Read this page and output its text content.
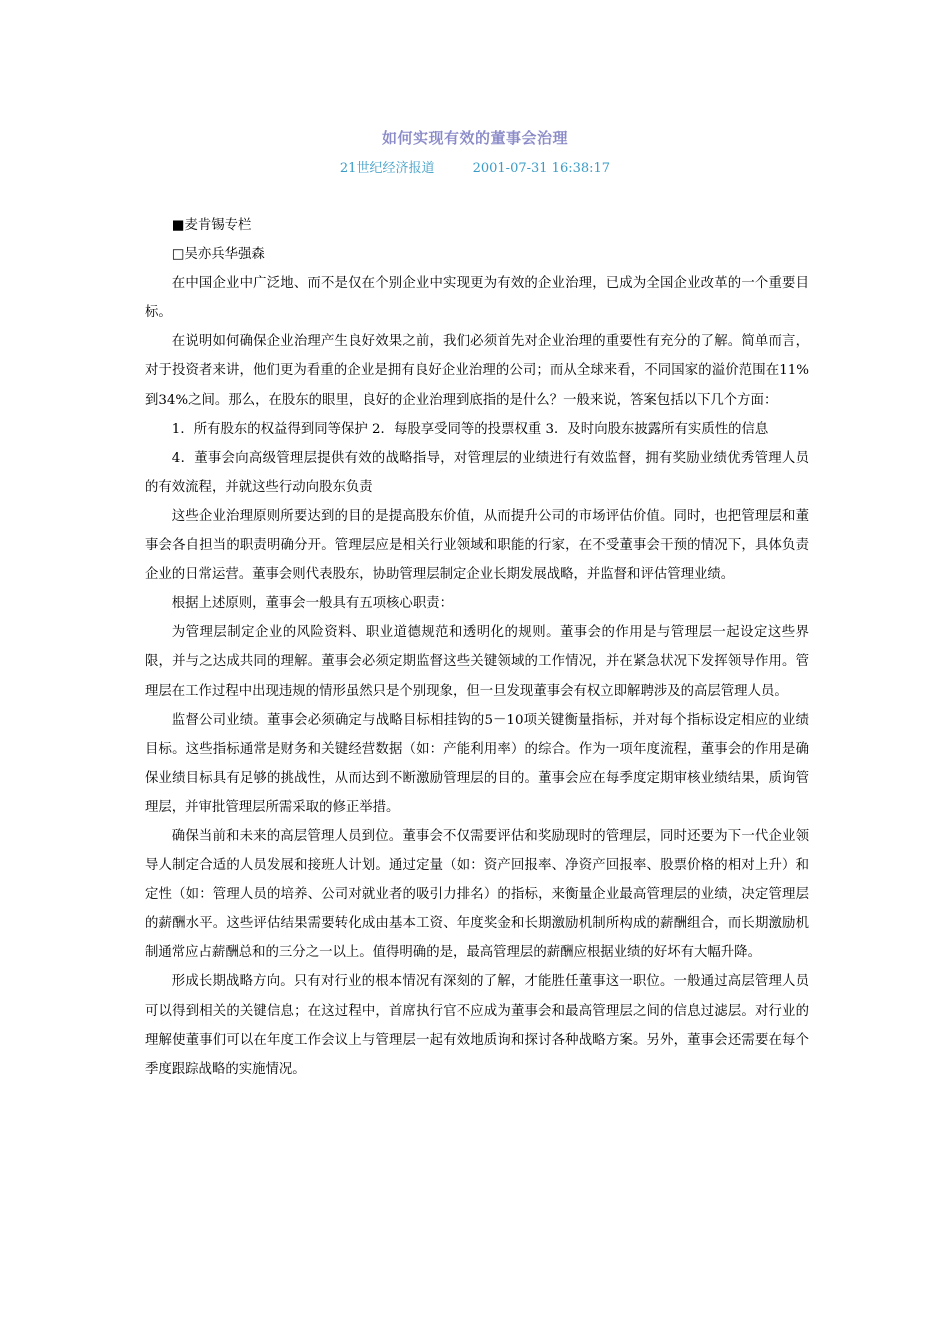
如何实现有效的董事会治理
21世纪经济报道	2001-07-31 16:38:17

■麦肯锡专栏

□吴亦兵华强森

在中国企业中广泛地、而不是仅在个别企业中实现更为有效的企业治理，已成为全国企业改革的一个重要目标。

在说明如何确保企业治理产生良好效果之前，我们必须首先对企业治理的重要性有充分的了解。简单而言，对于投资者来讲，他们更为看重的企业是拥有良好企业治理的公司；而从全球来看，不同国家的溢价范围在11%到34%之间。那么，在股东的眼里，良好的企业治理到底指的是什么？一般来说，答案包括以下几个方面：

1．所有股东的权益得到同等保护 2．每股享受同等的投票权重 3．及时向股东披露所有实质性的信息

4．董事会向高级管理层提供有效的战略指导，对管理层的业绩进行有效监督，拥有奖励业绩优秀管理人员的有效流程，并就这些行动向股东负责

这些企业治理原则所要达到的目的是提高股东价值，从而提升公司的市场评估价值。同时，也把管理层和董事会各自担当的职责明确分开。管理层应是相关行业领域和职能的行家，在不受董事会干预的情况下，具体负责企业的日常运营。董事会则代表股东，协助管理层制定企业长期发展战略，并监督和评估管理业绩。

根据上述原则，董事会一般具有五项核心职责：

为管理层制定企业的风险资料、职业道德规范和透明化的规则。董事会的作用是与管理层一起设定这些界限，并与之达成共同的理解。董事会必须定期监督这些关键领域的工作情况，并在紧急状况下发挥领导作用。管理层在工作过程中出现违规的情形虽然只是个别现象，但一旦发现董事会有权立即解聘涉及的高层管理人员。

监督公司业绩。董事会必须确定与战略目标相挂钩的5－10项关键衡量指标，并对每个指标设定相应的业绩目标。这些指标通常是财务和关键经营数据（如：产能利用率）的综合。作为一项年度流程，董事会的作用是确保业绩目标具有足够的挑战性，从而达到不断激励管理层的目的。董事会应在每季度定期审核业绩结果，质询管理层，并审批管理层所需采取的修正举措。

确保当前和未来的高层管理人员到位。董事会不仅需要评估和奖励现时的管理层，同时还要为下一代企业领导人制定合适的人员发展和接班人计划。通过定量（如：资产回报率、净资产回报率、股票价格的相对上升）和定性（如：管理人员的培养、公司对就业者的吸引力排名）的指标，来衡量企业最高管理层的业绩，决定管理层的薪酬水平。这些评估结果需要转化成由基本工资、年度奖金和长期激励机制所构成的薪酬组合，而长期激励机制通常应占薪酬总和的三分之一以上。值得明确的是，最高管理层的薪酬应根据业绩的好坏有大幅升降。

形成长期战略方向。只有对行业的根本情况有深刻的了解，才能胜任董事这一职位。一般通过高层管理人员可以得到相关的关键信息；在这过程中，首席执行官不应成为董事会和最高管理层之间的信息过滤层。对行业的理解使董事们可以在年度工作会议上与管理层一起有效地质询和探讨各种战略方案。另外，董事会还需要在每个季度跟踪战略的实施情况。
